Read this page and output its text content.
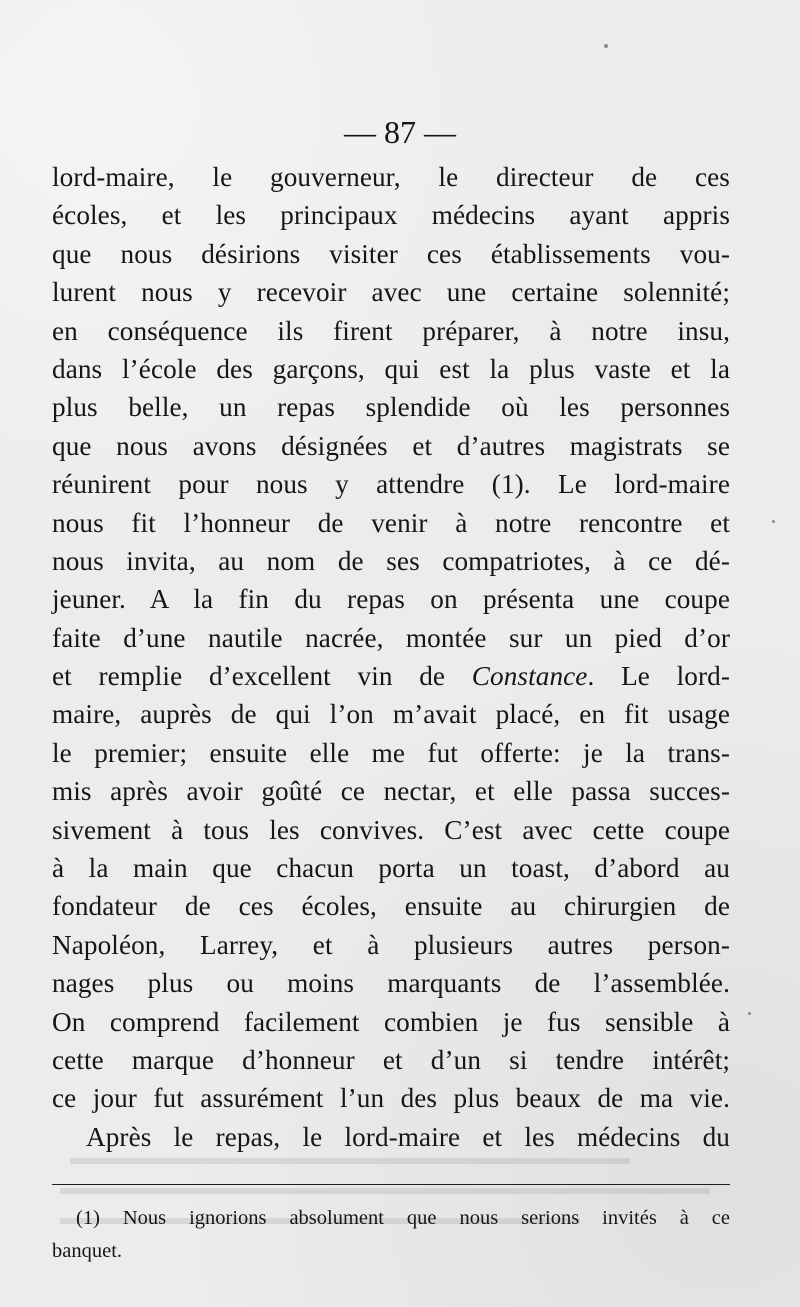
— 87 —

lord-maire, le gouverneur, le directeur de ces
écoles, et les principaux médecins ayant appris
que nous désirions visiter ces établissements vou-
lurent nous y recevoir avec une certaine solennité;
en conséquence ils firent préparer, à notre insu,
dans l’école des garçons, qui est la plus vaste et la
plus belle, un repas splendide où les personnes
que nous avons désignées et d’autres magistrats se
réunirent pour nous y attendre (1). Le lord-maire
nous fit l’honneur de venir à notre rencontre et
nous invita, au nom de ses compatriotes, à ce dé-
jeuner. A la fin du repas on présenta une coupe
faite d’une nautile nacrée, montée sur un pied d’or
et remplie d’excellent vin de Constance. Le lord-
maire, auprès de qui l’on m’avait placé, en fit usage
le premier; ensuite elle me fut offerte: je la trans-
mis après avoir goûté ce nectar, et elle passa succes-
sivement à tous les convives. C’est avec cette coupe
à la main que chacun porta un toast, d’abord au
fondateur de ces écoles, ensuite au chirurgien de
Napoléon, Larrey, et à plusieurs autres person-
nages plus ou moins marquants de l’assemblée.
On comprend facilement combien je fus sensible à
cette marque d’honneur et d’un si tendre intérêt;
ce jour fut assurément l’un des plus beaux de ma vie.
Après le repas, le lord-maire et les médecins du

(1) Nous ignorions absolument que nous serions invités à ce
banquet.
